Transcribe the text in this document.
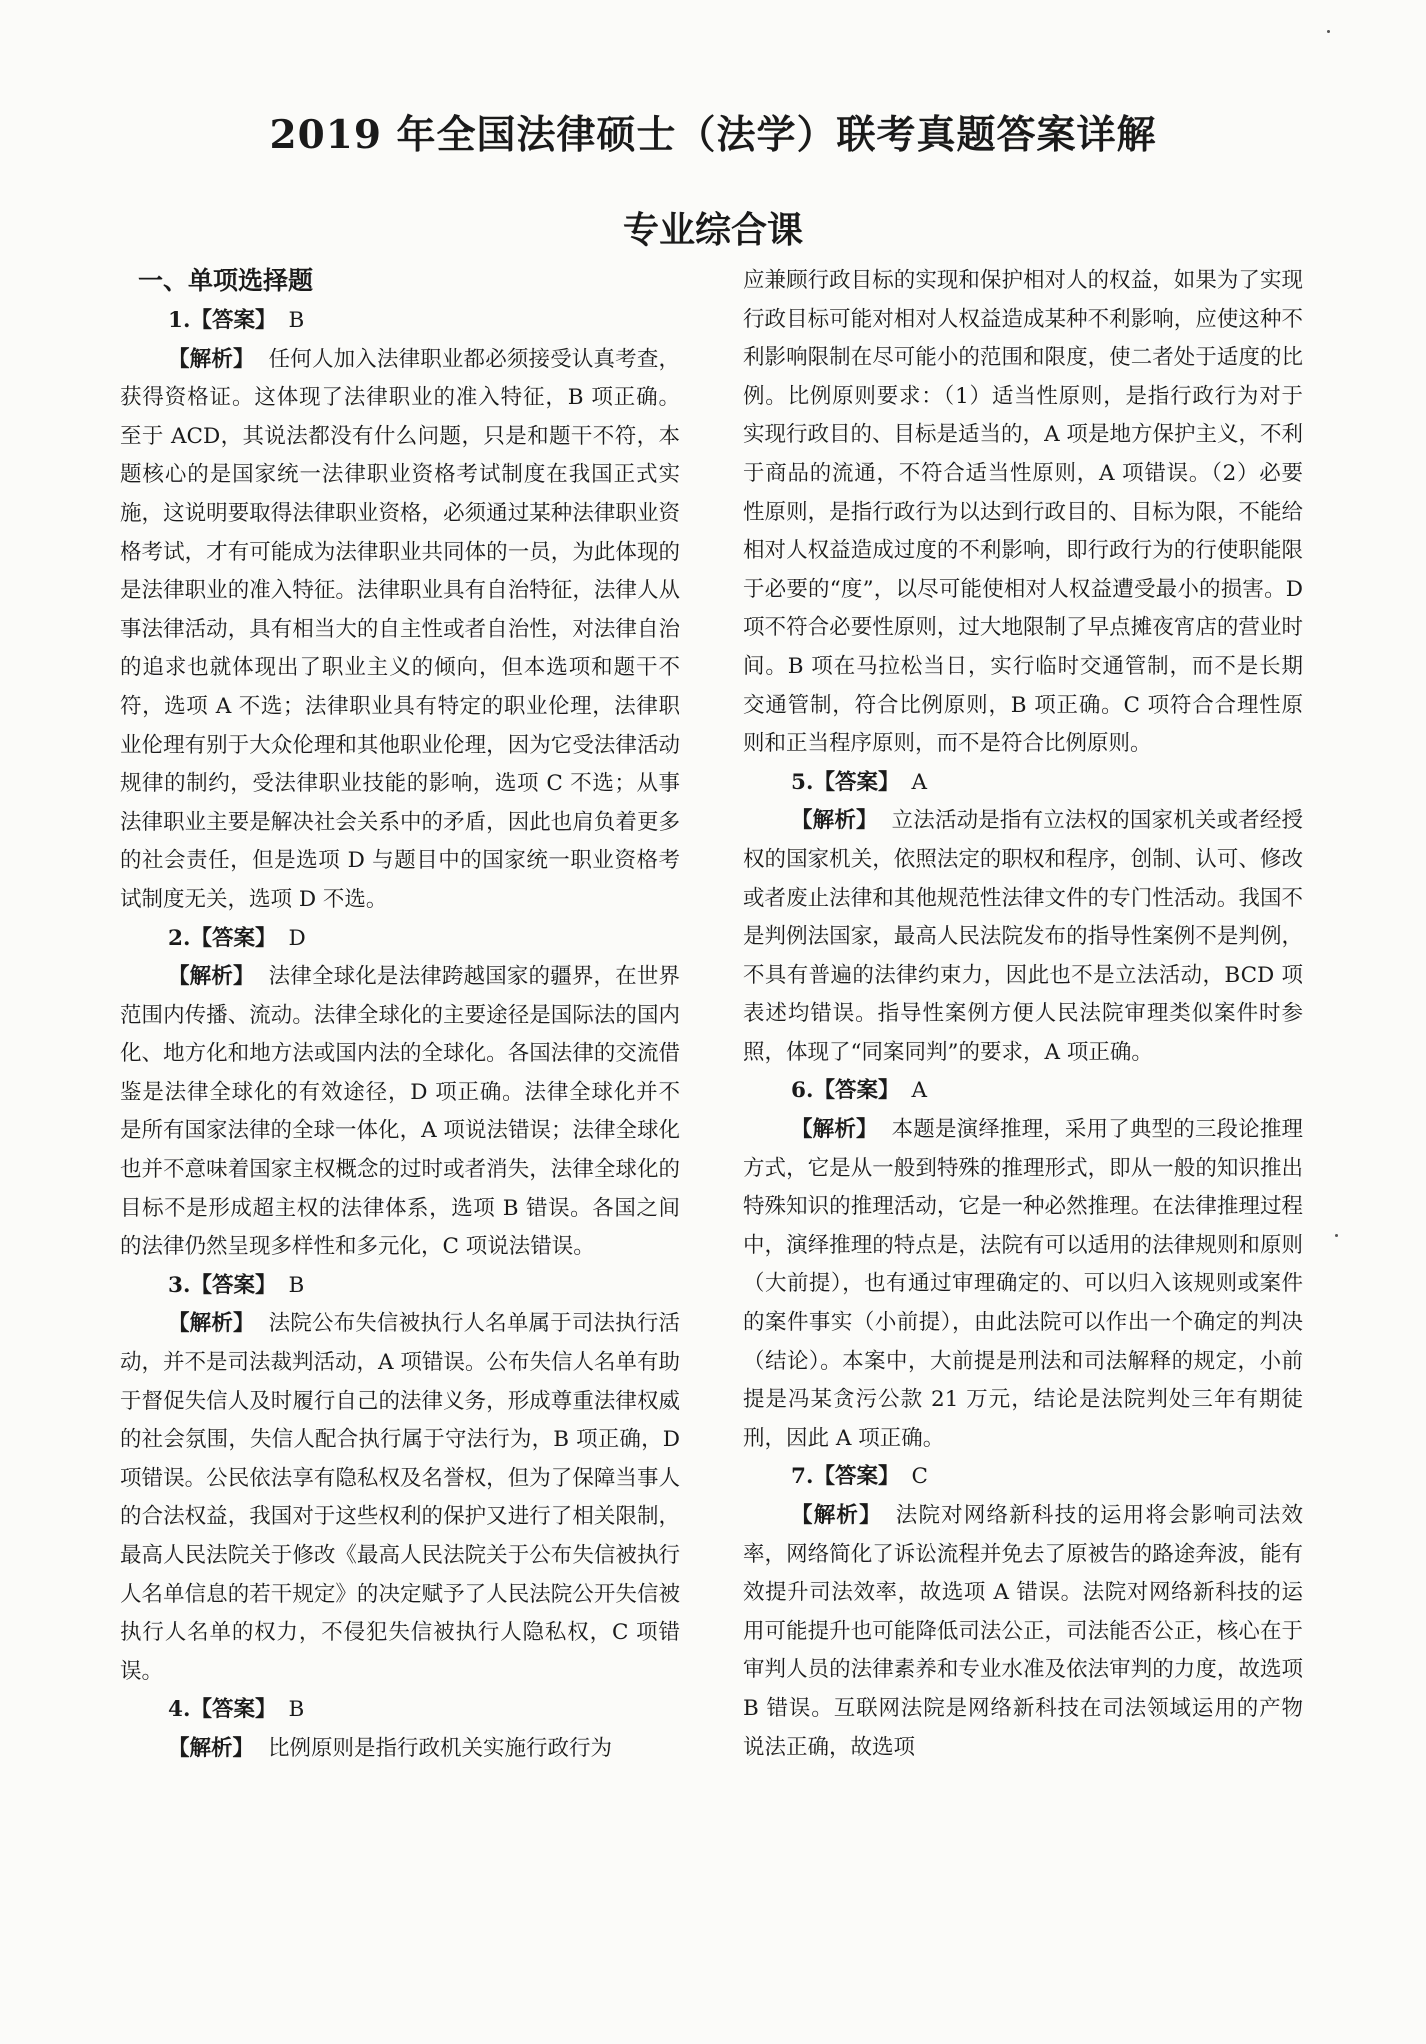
2019 年全国法律硕士（法学）联考真题答案详解
专业综合课
一、单项选择题

1.【答案】 B

【解析】 任何人加入法律职业都必须接受认真考查，获得资格证。这体现了法律职业的准入特征，B 项正确。至于 ACD，其说法都没有什么问题，只是和题干不符，本题核心的是国家统一法律职业资格考试制度在我国正式实施，这说明要取得法律职业资格，必须通过某种法律职业资格考试，才有可能成为法律职业共同体的一员，为此体现的是法律职业的准入特征。法律职业具有自治特征，法律人从事法律活动，具有相当大的自主性或者自治性，对法律自治的追求也就体现出了职业主义的倾向，但本选项和题干不符，选项 A 不选；法律职业具有特定的职业伦理，法律职业伦理有别于大众伦理和其他职业伦理，因为它受法律活动规律的制约，受法律职业技能的影响，选项 C 不选；从事法律职业主要是解决社会关系中的矛盾，因此也肩负着更多的社会责任，但是选项 D 与题目中的国家统一职业资格考试制度无关，选项 D 不选。

2.【答案】 D

【解析】 法律全球化是法律跨越国家的疆界，在世界范围内传播、流动。法律全球化的主要途径是国际法的国内化、地方化和地方法或国内法的全球化。各国法律的交流借鉴是法律全球化的有效途径，D 项正确。法律全球化并不是所有国家法律的全球一体化，A 项说法错误；法律全球化也并不意味着国家主权概念的过时或者消失，法律全球化的目标不是形成超主权的法律体系，选项 B 错误。各国之间的法律仍然呈现多样性和多元化，C 项说法错误。

3.【答案】 B

【解析】 法院公布失信被执行人名单属于司法执行活动，并不是司法裁判活动，A 项错误。公布失信人名单有助于督促失信人及时履行自己的法律义务，形成尊重法律权威的社会氛围，失信人配合执行属于守法行为，B 项正确，D 项错误。公民依法享有隐私权及名誉权，但为了保障当事人的合法权益，我国对于这些权利的保护又进行了相关限制，最高人民法院关于修改《最高人民法院关于公布失信被执行人名单信息的若干规定》的决定赋予了人民法院公开失信被执行人名单的权力，不侵犯失信被执行人隐私权，C 项错误。

4.【答案】 B

【解析】 比例原则是指行政机关实施行政行为

应兼顾行政目标的实现和保护相对人的权益，如果为了实现行政目标可能对相对人权益造成某种不利影响，应使这种不利影响限制在尽可能小的范围和限度，使二者处于适度的比例。比例原则要求：（1）适当性原则，是指行政行为对于实现行政目的、目标是适当的，A 项是地方保护主义，不利于商品的流通，不符合适当性原则，A 项错误。（2）必要性原则，是指行政行为以达到行政目的、目标为限，不能给相对人权益造成过度的不利影响，即行政行为的行使职能限于必要的“度”，以尽可能使相对人权益遭受最小的损害。D 项不符合必要性原则，过大地限制了早点摊夜宵店的营业时间。B 项在马拉松当日，实行临时交通管制，而不是长期交通管制，符合比例原则，B 项正确。C 项符合合理性原则和正当程序原则，而不是符合比例原则。

5.【答案】 A

【解析】 立法活动是指有立法权的国家机关或者经授权的国家机关，依照法定的职权和程序，创制、认可、修改或者废止法律和其他规范性法律文件的专门性活动。我国不是判例法国家，最高人民法院发布的指导性案例不是判例，不具有普遍的法律约束力，因此也不是立法活动，BCD 项表述均错误。指导性案例方便人民法院审理类似案件时参照，体现了“同案同判”的要求，A 项正确。

6.【答案】 A

【解析】 本题是演绎推理，采用了典型的三段论推理方式，它是从一般到特殊的推理形式，即从一般的知识推出特殊知识的推理活动，它是一种必然推理。在法律推理过程中，演绎推理的特点是，法院有可以适用的法律规则和原则（大前提），也有通过审理确定的、可以归入该规则或案件的案件事实（小前提），由此法院可以作出一个确定的判决（结论）。本案中，大前提是刑法和司法解释的规定，小前提是冯某贪污公款 21 万元，结论是法院判处三年有期徒刑，因此 A 项正确。

7.【答案】 C

【解析】 法院对网络新科技的运用将会影响司法效率，网络简化了诉讼流程并免去了原被告的路途奔波，能有效提升司法效率，故选项 A 错误。法院对网络新科技的运用可能提升也可能降低司法公正，司法能否公正，核心在于审判人员的法律素养和专业水准及依法审判的力度，故选项 B 错误。互联网法院是网络新科技在司法领域运用的产物说法正确，故选项
